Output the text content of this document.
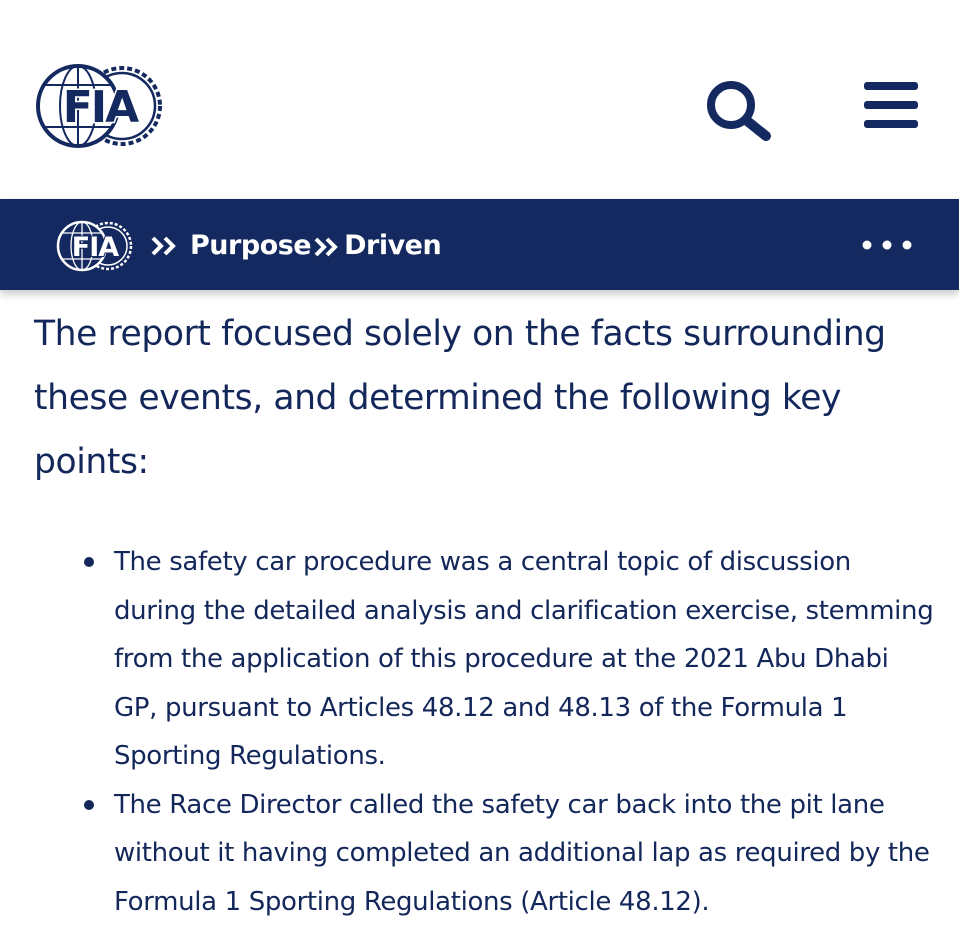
FIA
FIA	Purpose Driven

The report focused solely on the facts surrounding these events, and determined the following key points:

The safety car procedure was a central topic of discussion during the detailed analysis and clarification exercise, stemming from the application of this procedure at the 2021 Abu Dhabi GP, pursuant to Articles 48.12 and 48.13 of the Formula 1 Sporting Regulations.
The Race Director called the safety car back into the pit lane without it having completed an additional lap as required by the Formula 1 Sporting Regulations (Article 48.12).
